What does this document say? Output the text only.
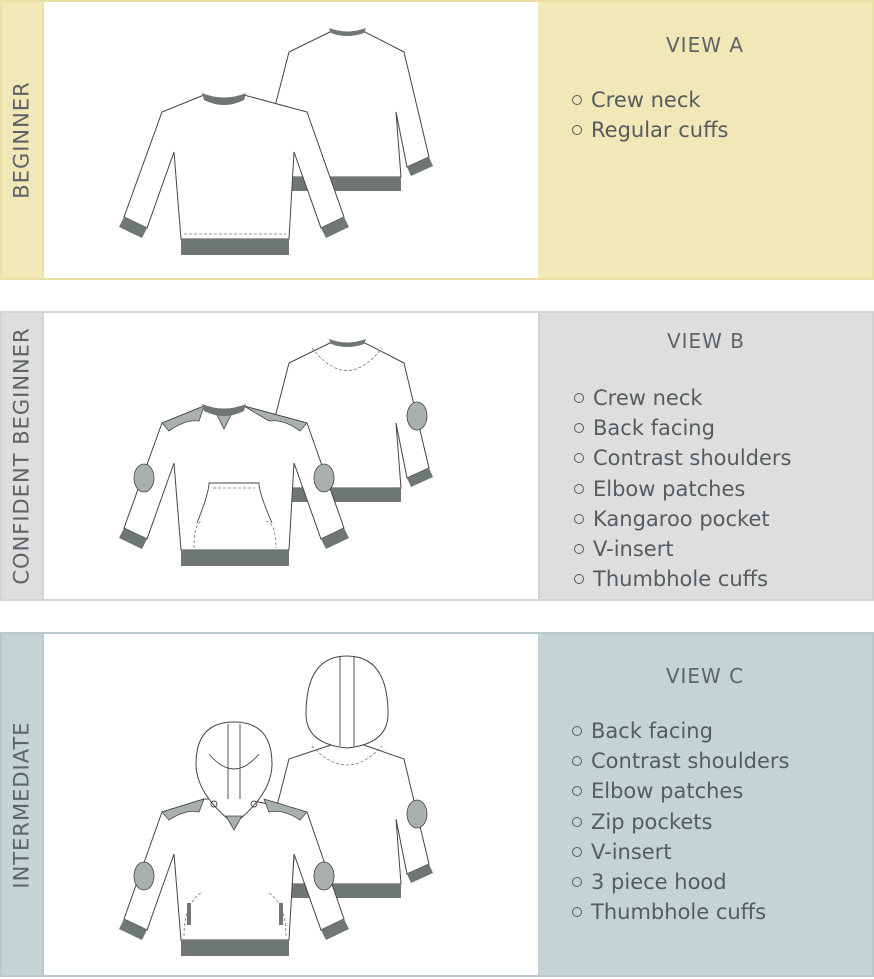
BEGINNER
VIEW A
Crew neck
Regular cuffs
CONFIDENT BEGINNER	VIEW B
Crew neck
Back facing
Contrast shoulders
Elbow patches
Kangaroo pocket
V-insert
Thumbhole cuffs
INTERMEDIATE
VIEW C
Back facing
Contrast shoulders
Elbow patches
Zip pockets
V-insert
3 piece hood
Thumbhole cuffs
